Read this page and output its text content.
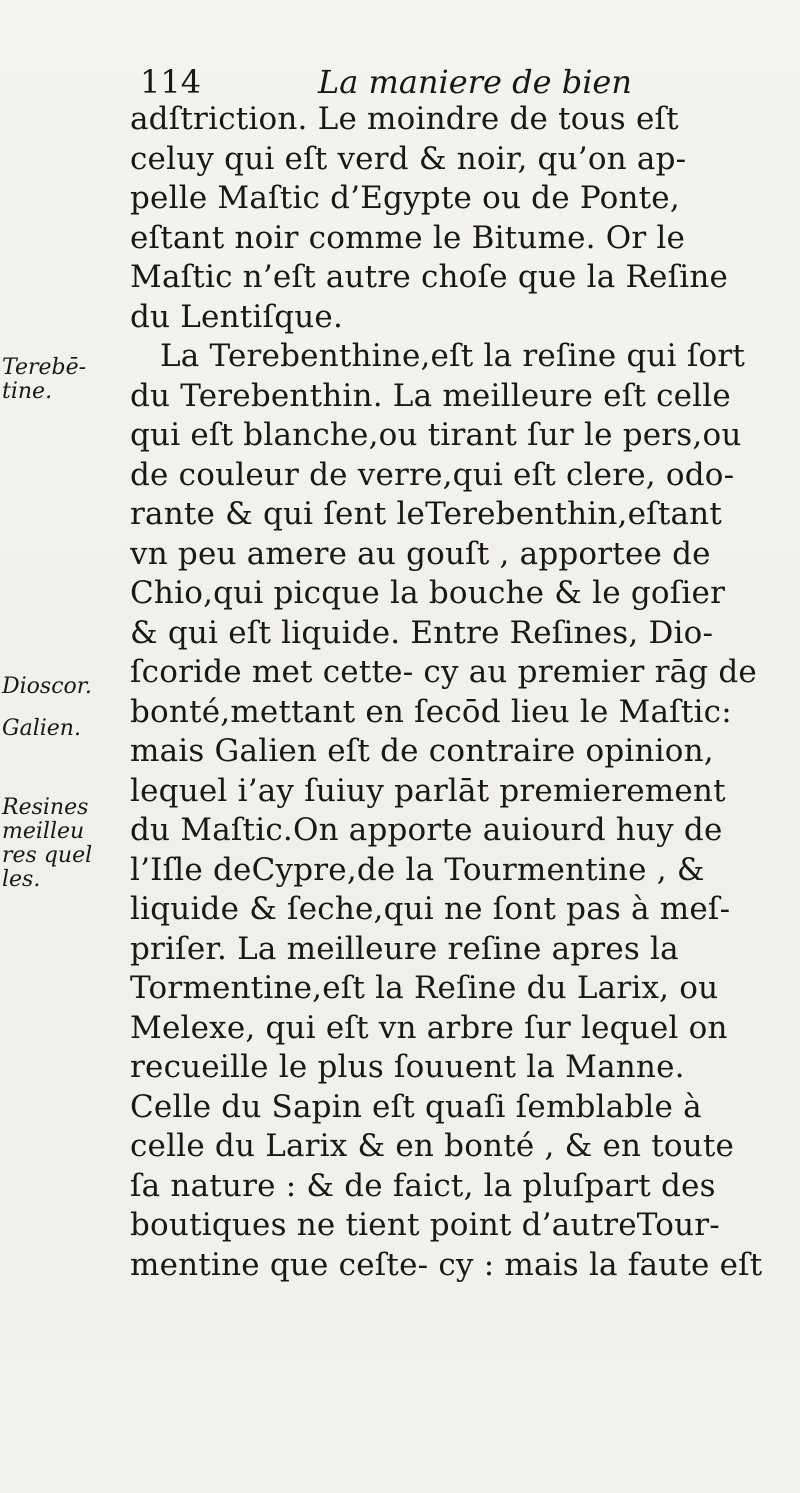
114	La maniere de bien
Terebē-
tine.
Dioscor.
Galien.
Resines
meilleu
res quel
les.
adſtriction. Le moindre de tous eſt
celuy qui eſt verd & noir, qu’on ap-
pelle Maſtic d’Egypte ou de Ponte,
eſtant noir comme le Bitume. Or le
Maſtic n’eſt autre choſe que la Reſine
du Lentiſque.
La Terebenthine,eſt la reſine qui ſort
du Terebenthin. La meilleure eſt celle
qui eſt blanche,ou tirant ſur le pers,ou
de couleur de verre,qui eſt clere, odo-
rante & qui ſent leTerebenthin,eſtant
vn peu amere au gouſt , apportee de
Chio,qui picque la bouche & le goſier
& qui eſt liquide. Entre Reſines, Dio-
ſcoride met cette- cy au premier rāg de
bonté,mettant en ſecōd lieu le Maſtic:
mais Galien eſt de contraire opinion,
lequel i’ay ſuiuy parlāt premierement
du Maſtic.On apporte auiourd huy de
l’Iſle deCypre,de la Tourmentine , &
liquide & ſeche,qui ne ſont pas à meſ-
priſer. La meilleure reſine apres la
Tormentine,eſt la Reſine du Larix, ou
Melexe, qui eſt vn arbre ſur lequel on
recueille le plus ſouuent la Manne.
Celle du Sapin eſt quaſi ſemblable à
celle du Larix & en bonté , & en toute
ſa nature : & de faict, la pluſpart des
boutiques ne tient point d’autreTour-
mentine que ceſte- cy : mais la faute eſt
